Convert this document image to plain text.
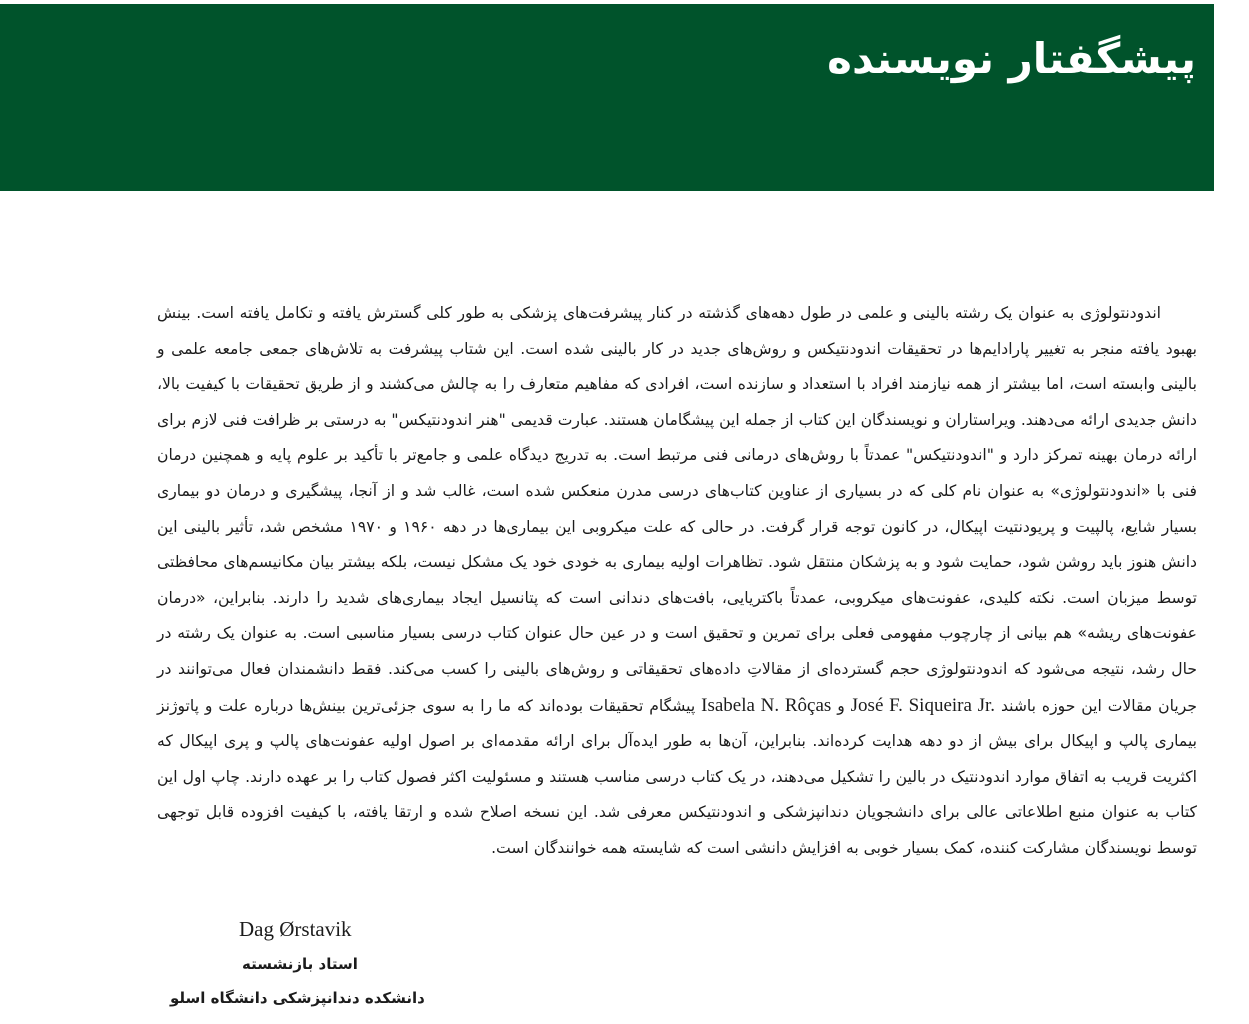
پیشگفتار نویسنده

اندودنتولوژی به عنوان یک رشته بالینی و علمی در طول دهه‌های گذشته در کنار پیشرفت‌های پزشکی به طور کلی گسترش یافته و تکامل یافته است. بینش بهبود یافته منجر به تغییر پارادایم‌ها در تحقیقات اندودنتیکس و روش‌های جدید در کار بالینی شده است. این شتاب پیشرفت به تلاش‌های جمعی جامعه علمی و بالینی وابسته است، اما بیشتر از همه نیازمند افراد با استعداد و سازنده است، افرادی که مفاهیم متعارف را به چالش می‌کشند و از طریق تحقیقات با کیفیت بالا، دانش جدیدی ارائه می‌دهند. ویراستاران و نویسندگان این کتاب از جمله این پیشگامان هستند. عبارت قدیمی "هنر اندودنتیکس" به درستی بر ظرافت فنی لازم برای ارائه درمان بهینه تمرکز دارد و "اندودنتیکس" عمدتاً با روش‌های درمانی فنی مرتبط است. به تدریج دیدگاه علمی و جامع‌تر با تأکید بر علوم پایه و همچنین درمان فنی با «اندودنتولوژی» به عنوان نام کلی که در بسیاری از عناوین کتاب‌های درسی مدرن منعکس شده است، غالب شد و از آنجا، پیشگیری و درمان دو بیماری بسیار شایع، پالپیت و پریودنتیت اپیکال، در کانون توجه قرار گرفت. در حالی که علت میکروبی این بیماری‌ها در دهه ۱۹۶۰ و ۱۹۷۰ مشخص شد، تأثیر بالینی این دانش هنوز باید روشن شود، حمایت شود و به پزشکان منتقل شود. تظاهرات اولیه بیماری به خودی خود یک مشکل نیست، بلکه بیشتر بیان مکانیسم‌های محافظتی توسط میزبان است. نکته کلیدی، عفونت‌های میکروبی، عمدتاً باکتریایی، بافت‌های دندانی است که پتانسیل ایجاد بیماری‌های شدید را دارند. بنابراین، «درمان عفونت‌های ریشه» هم بیانی از چارچوب مفهومی فعلی برای تمرین و تحقیق است و در عین حال عنوان کتاب درسی بسیار مناسبی است. به عنوان یک رشته در حال رشد، نتیجه می‌شود که اندودنتولوژی حجم گسترده‌ای از مقالاتِ داده‌های تحقیقاتی و روش‌های بالینی را کسب می‌کند. فقط دانشمندان فعال می‌توانند در جریان مقالات این حوزه باشند José F. Siqueira Jr. و Isabela N. Rôças پیشگام تحقیقات بوده‌اند که ما را به سوی جزئی‌ترین بینش‌ها درباره علت و پاتوژنز بیماری پالپ و اپیکال برای بیش از دو دهه هدایت کرده‌اند. بنابراین، آن‌ها به طور ایده‌آل برای ارائه مقدمه‌ای بر اصول اولیه عفونت‌های پالپ و پری اپیکال که اکثریت قریب به اتفاق موارد اندودنتیک در بالین را تشکیل می‌دهند، در یک کتاب درسی مناسب هستند و مسئولیت اکثر فصول کتاب را بر عهده دارند. چاپ اول این کتاب به عنوان منبع اطلاعاتی عالی برای دانشجویان دندانپزشکی و اندودنتیکس معرفی شد. این نسخه اصلاح شده و ارتقا یافته، با کیفیت افزوده قابل توجهی توسط نویسندگان مشارکت کننده، کمک بسیار خوبی به افزایش دانشی است که شایسته همه خوانندگان است.

Dag Ørstavik

استاد بازنشسته

دانشکده دندانپزشکی دانشگاه اسلو
